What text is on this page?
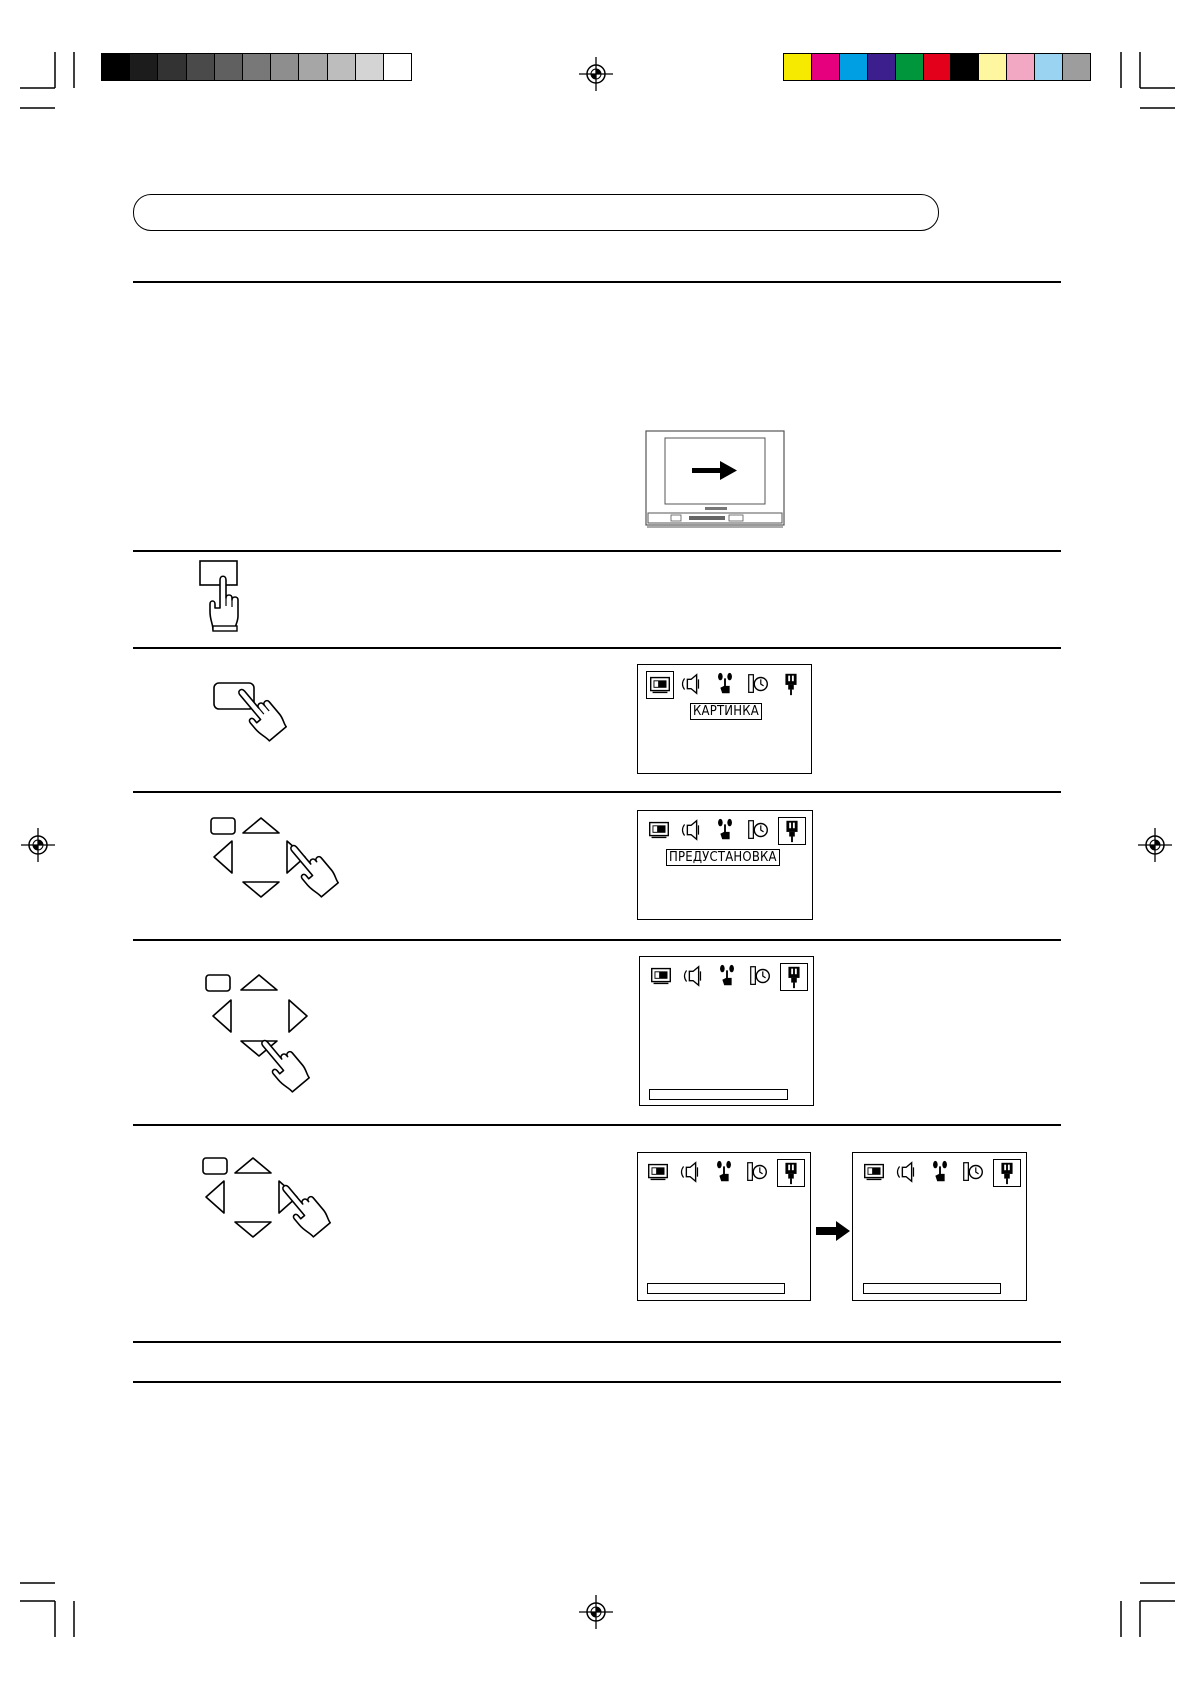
КАРТИНКА
ПРЕДУСТАНОВКА
